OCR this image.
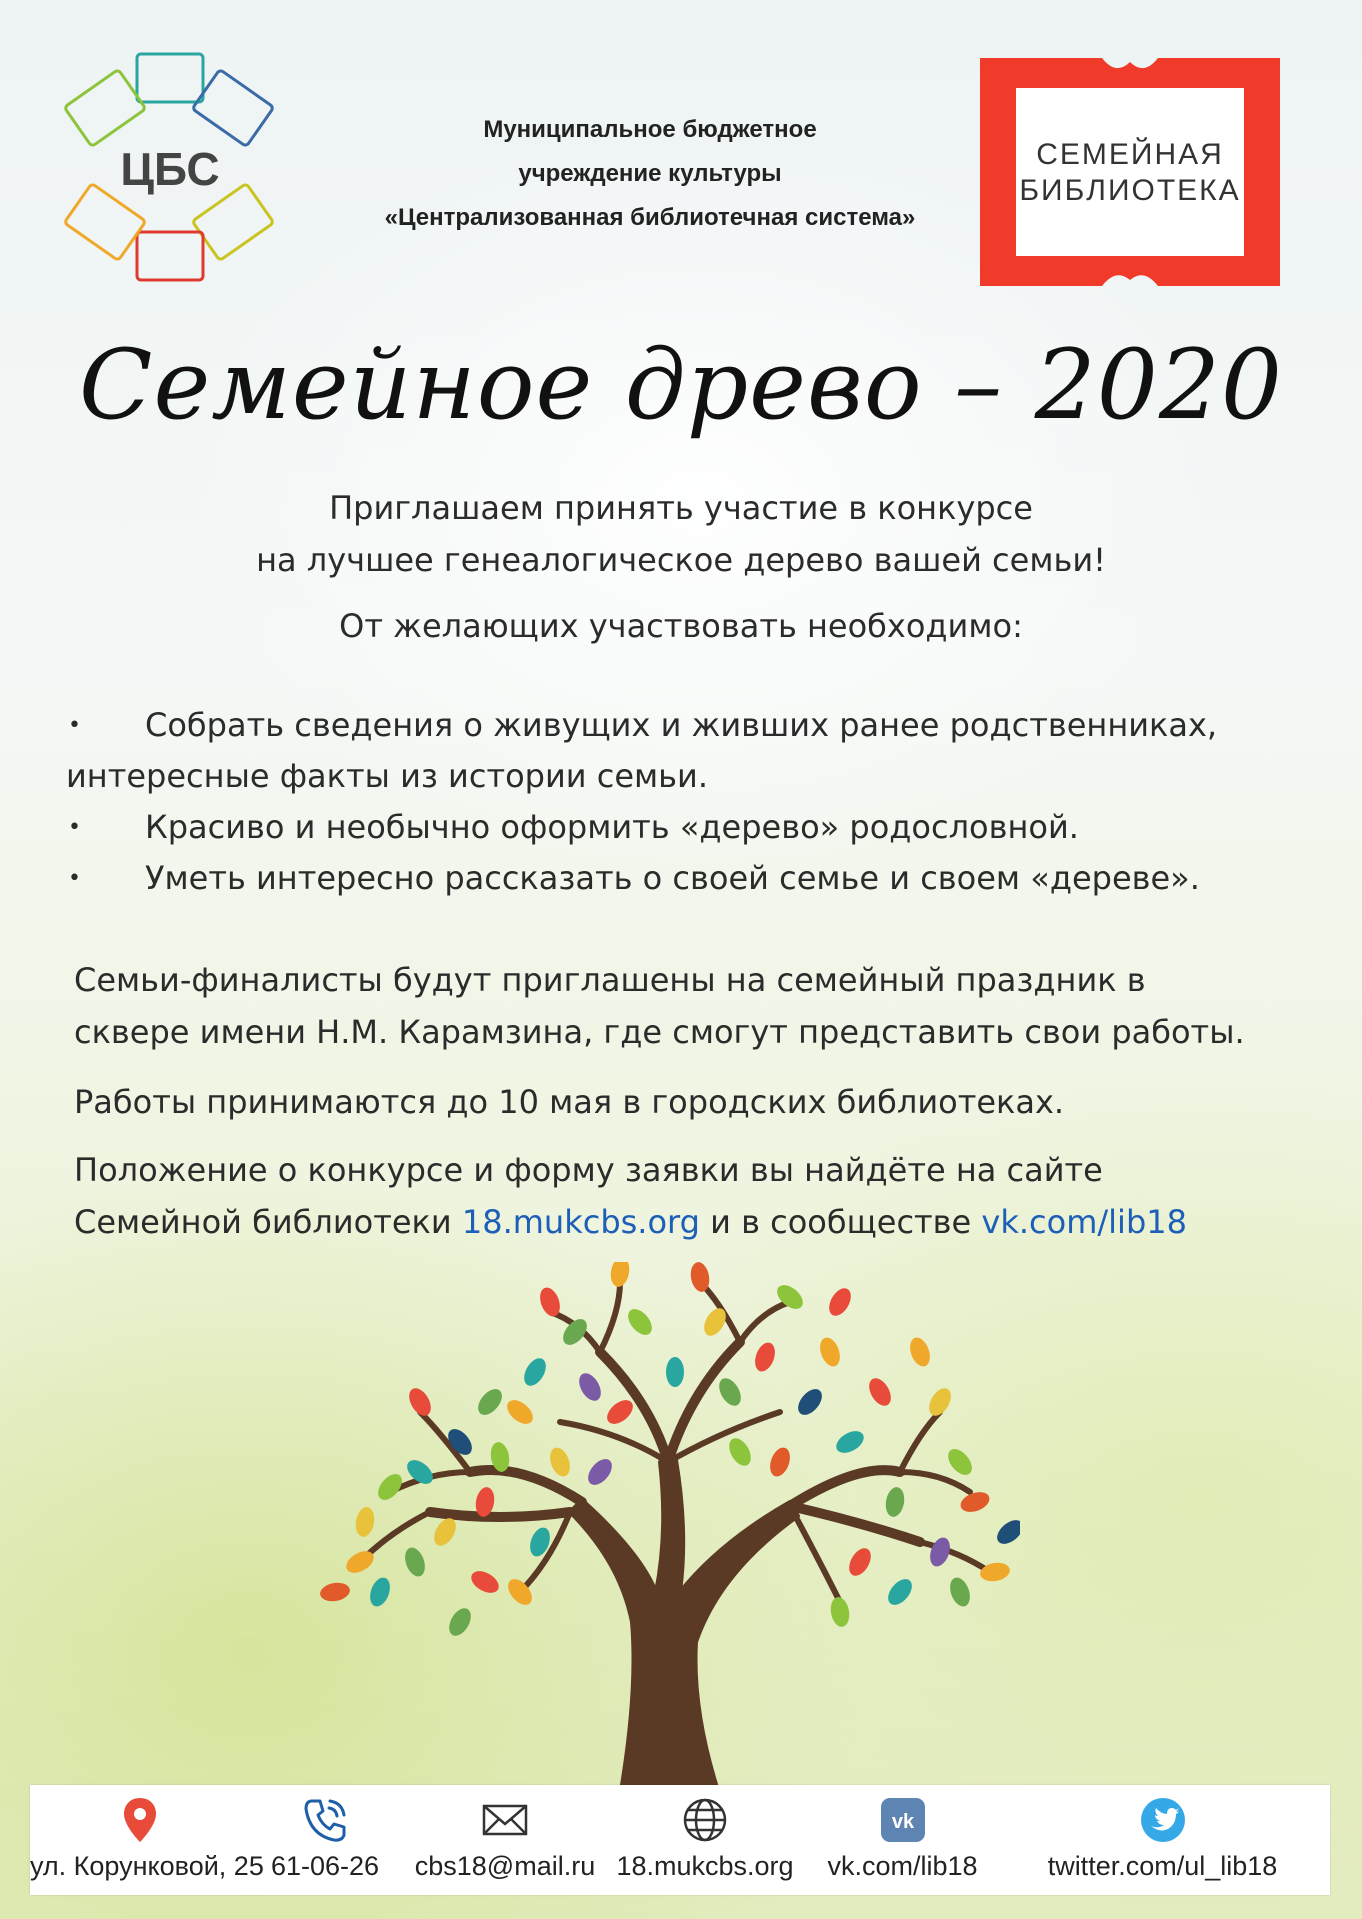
ЦБС
Муниципальное бюджетное
учреждение культуры
«Централизованная библиотечная система»
СЕМЕЙНАЯ
БИБЛИОТЕКА
Семейное древо – 2020
Приглашаем принять участие в конкурсе
на лучшее генеалогическое дерево вашей семьи!
От желающих участвовать необходимо:
•	Собрать сведения о живущих и живших ранее родственниках,
интересные факты из истории семьи.
•	Красиво и необычно оформить «дерево» родословной.
•	Уметь интересно рассказать о своей семье и своем «дереве».
Семьи-финалисты будут приглашены на семейный праздник в
сквере имени Н.М. Карамзина, где смогут представить свои работы.
Работы принимаются до 10 мая в городских библиотеках.
Положение о конкурсе и форму заявки вы найдёте на сайте
Семейной библиотеки 18.mukcbs.org и в сообществе vk.com/lib18
ул. Корунковой, 25 61-06-26	cbs18@mail.ru 18.mukcbs.org
vk
vk.com/lib18	twitter.com/ul_lib18
